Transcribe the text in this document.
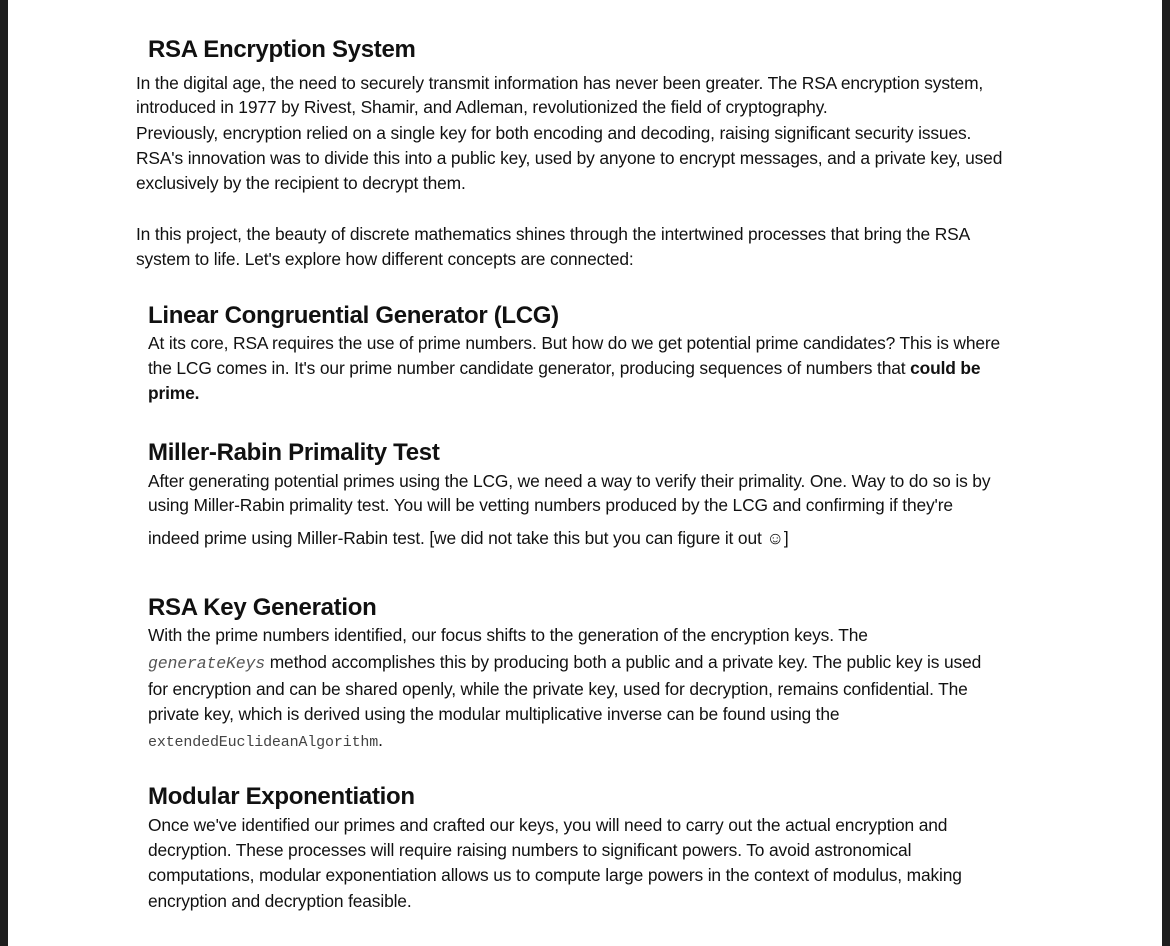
RSA Encryption System
In the digital age, the need to securely transmit information has never been greater. The RSA encryption system,
introduced in 1977 by Rivest, Shamir, and Adleman, revolutionized the field of cryptography.
Previously, encryption relied on a single key for both encoding and decoding, raising significant security issues.
RSA's innovation was to divide this into a public key, used by anyone to encrypt messages, and a private key, used
exclusively by the recipient to decrypt them.
In this project, the beauty of discrete mathematics shines through the intertwined processes that bring the RSA
system to life. Let's explore how different concepts are connected:
Linear Congruential Generator (LCG)
At its core, RSA requires the use of prime numbers. But how do we get potential prime candidates? This is where
the LCG comes in. It's our prime number candidate generator, producing sequences of numbers that could be
prime.
Miller-Rabin Primality Test
After generating potential primes using the LCG, we need a way to verify their primality. One. Way to do so is by
using Miller-Rabin primality test. You will be vetting numbers produced by the LCG and confirming if they're
indeed prime using Miller-Rabin test. [we did not take this but you can figure it out ☺]
RSA Key Generation
With the prime numbers identified, our focus shifts to the generation of the encryption keys. The
generateKeys method accomplishes this by producing both a public and a private key. The public key is used
for encryption and can be shared openly, while the private key, used for decryption, remains confidential. The
private key, which is derived using the modular multiplicative inverse can be found using the
extendedEuclideanAlgorithm.
Modular Exponentiation
Once we've identified our primes and crafted our keys, you will need to carry out the actual encryption and
decryption. These processes will require raising numbers to significant powers. To avoid astronomical
computations, modular exponentiation allows us to compute large powers in the context of modulus, making
encryption and decryption feasible.
